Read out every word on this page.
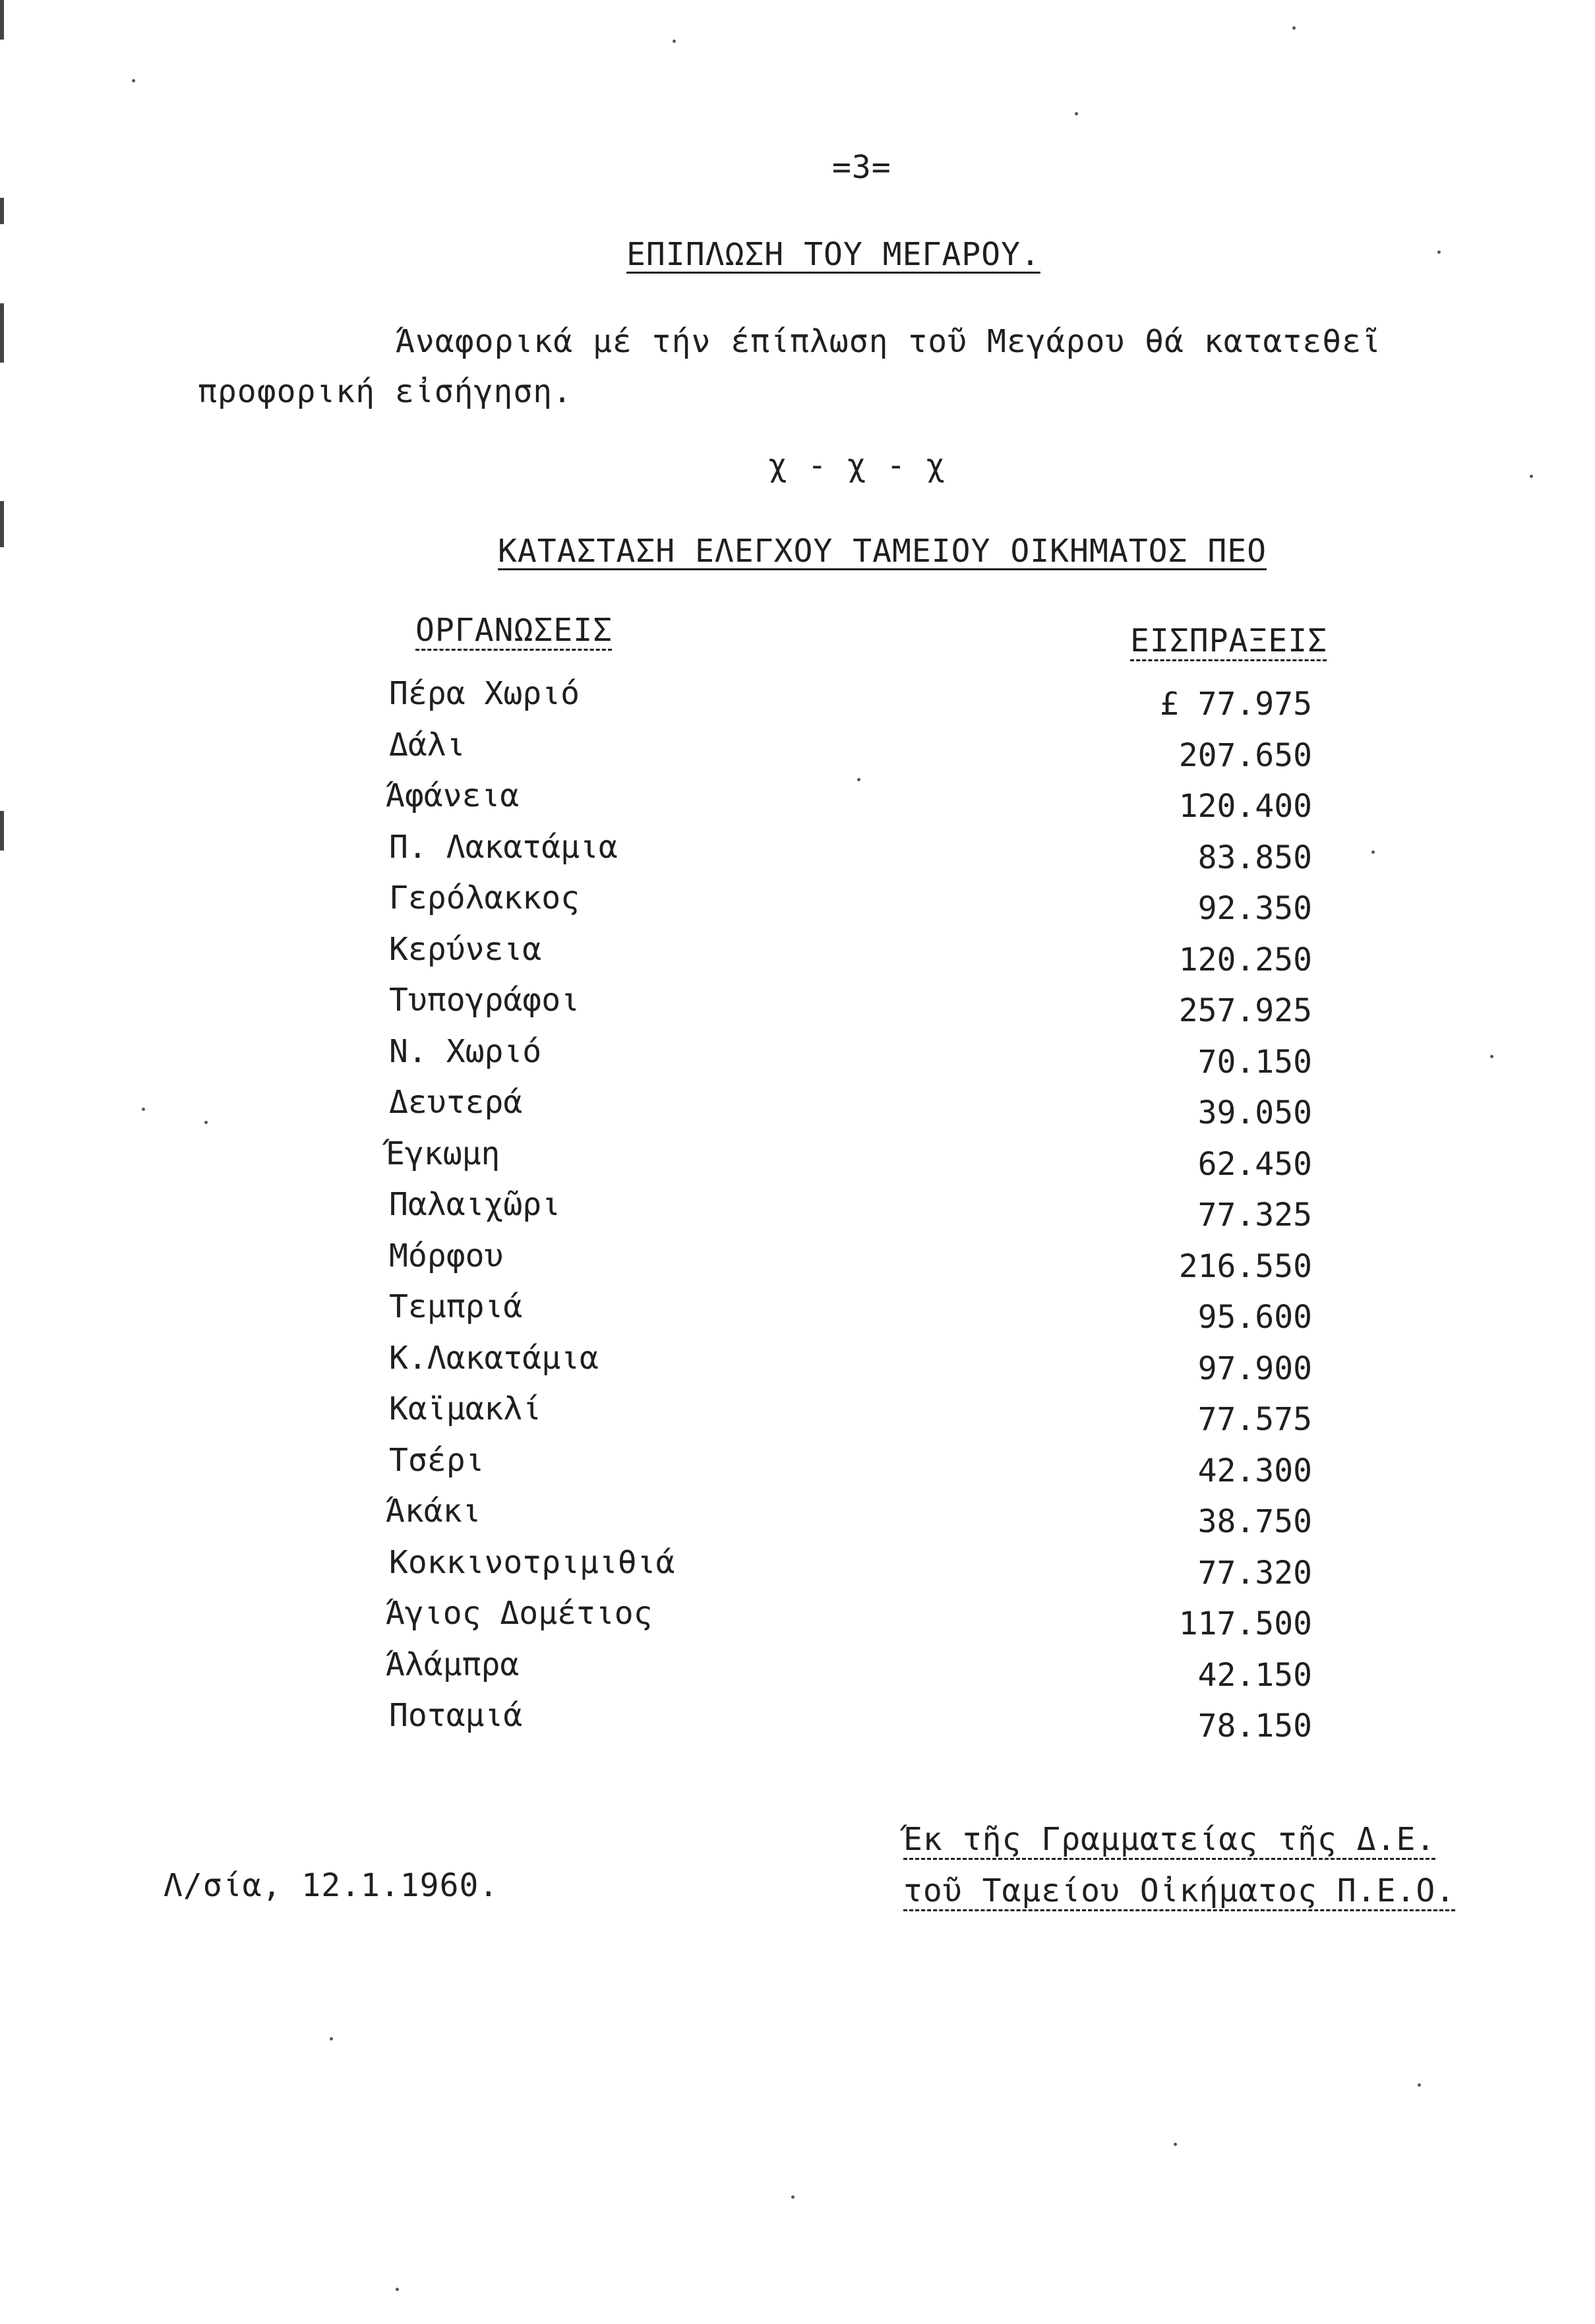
=3=
ΕΠΙΠΛΩΣΗ ΤΟΥ ΜΕΓΑΡΟΥ.
Άναφορικά μέ τήν έπίπλωση τοῦ Μεγάρου θά κατατεθεῖ
προφορική εἰσήγηση.
χ - χ - χ
ΚΑΤΑΣΤΑΣΗ ΕΛΕΓΧΟΥ ΤΑΜΕΙΟΥ ΟΙΚΗΜΑΤΟΣ ΠΕΟ
ΟΡΓΑΝΩΣΕΙΣ	ΕΙΣΠΡΑΞΕΙΣ
Πέρα Χωριό	£ 77.975
Δάλι	207.650
Άφάνεια	120.400
Π. Λακατάμια	83.850
Γερόλακκος	92.350
Κερύνεια	120.250
Τυπογράφοι	257.925
Ν. Χωριό	70.150
Δευτερά	39.050
Έγκωμη	62.450
Παλαιχῶρι	77.325
Μόρφου	216.550
Τεμπριά	95.600
Κ.Λακατάμια	97.900
Καϊμακλί	77.575
Τσέρι	42.300
Άκάκι	38.750
Κοκκινοτριμιθιά	77.320
Άγιος Δομέτιος	117.500
Άλάμπρα	42.150
Ποταμιά	78.150
Λ/σία, 12.1.1960.
Έκ τῆς Γραμματείας τῆς Δ.Ε.
τοῦ Ταμείου Οἰκήματος Π.Ε.Ο.
